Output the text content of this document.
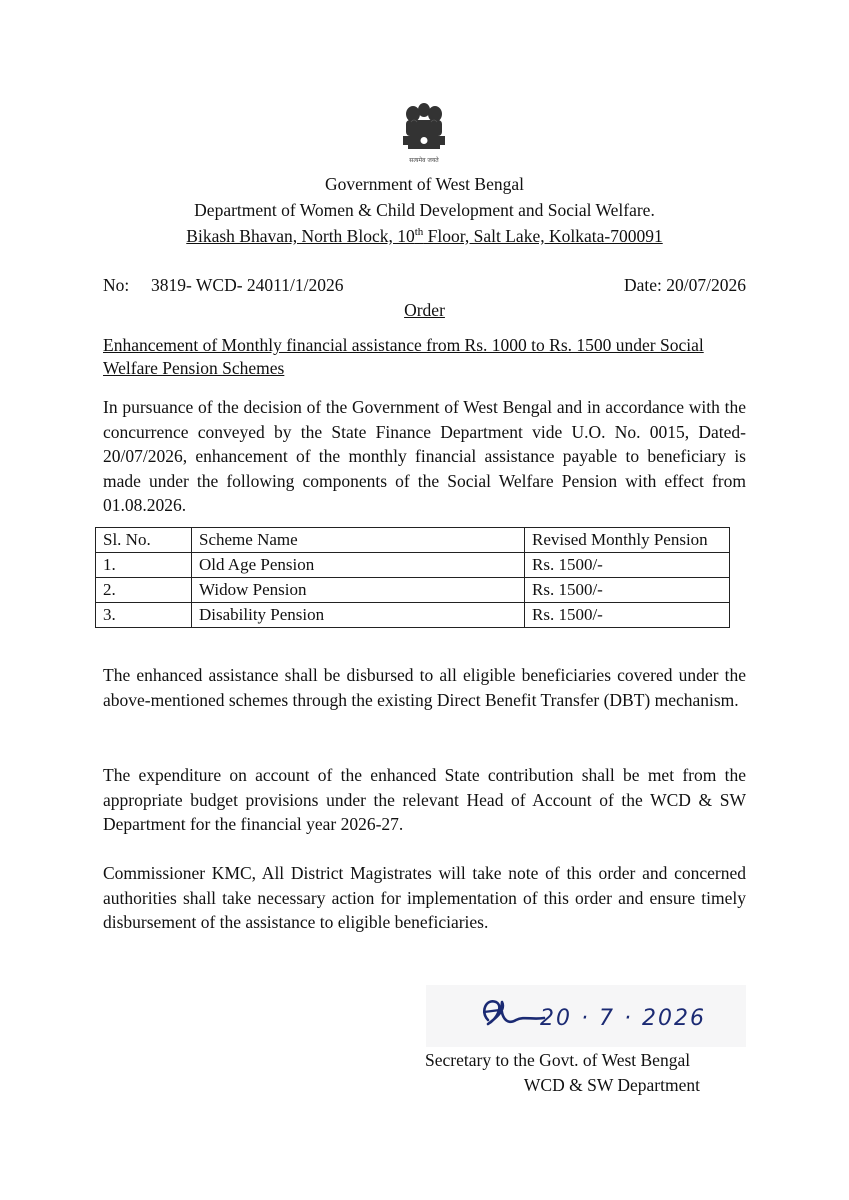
सत्यमेव जयते
Government of West Bengal
Department of Women & Child Development and Social Welfare.
Bikash Bhavan, North Block, 10th Floor, Salt Lake, Kolkata-700091
No: 3819- WCD- 24011/1/2026	Date: 20/07/2026
Order
Enhancement of Monthly financial assistance from Rs. 1000 to Rs. 1500 under Social Welfare Pension Schemes
In pursuance of the decision of the Government of West Bengal and in accordance with the concurrence conveyed by the State Finance Department vide U.O. No. 0015, Dated-20/07/2026, enhancement of the monthly financial assistance payable to beneficiary is made under the following components of the Social Welfare Pension with effect from 01.08.2026.
Sl. No.	Scheme Name	Revised Monthly Pension
1.	Old Age Pension	Rs. 1500/-
2.	Widow Pension	Rs. 1500/-
3.	Disability Pension	Rs. 1500/-
The enhanced assistance shall be disbursed to all eligible beneficiaries covered under the above-mentioned schemes through the existing Direct Benefit Transfer (DBT) mechanism.
The expenditure on account of the enhanced State contribution shall be met from the appropriate budget provisions under the relevant Head of Account of the WCD & SW Department for the financial year 2026-27.
Commissioner KMC, All District Magistrates will take note of this order and concerned authorities shall take necessary action for implementation of this order and ensure timely disbursement of the assistance to eligible beneficiaries.
20 · 7 · 2026
Secretary to the Govt. of West Bengal
WCD & SW Department
